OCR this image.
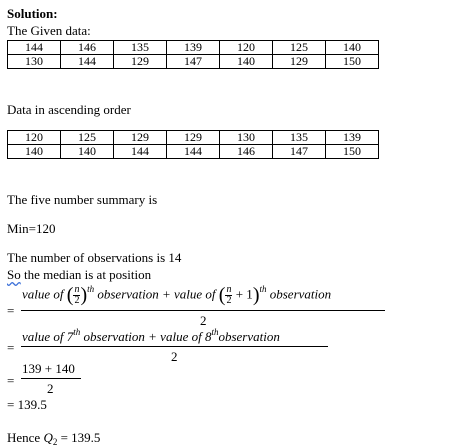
Solution:
The Given data:
144	146	135	139	120	125	140
130	144	129	147	140	129	150
Data in ascending order
120	125	129	129	130	135	139
140	140	144	144	146	147	150
The five number summary is
Min=120
The number of observations is 14
So the median is at position
=
value of ( $\frac{n}{2} )^{th}$ observation + value of ( $\frac{n}{2} + 1)^{th}$ observation
2
=
value of 7th observation + value of 8thobservation
2
=
139 + 140
2
= 139.5
Hence $Q_2 = 139.5$
